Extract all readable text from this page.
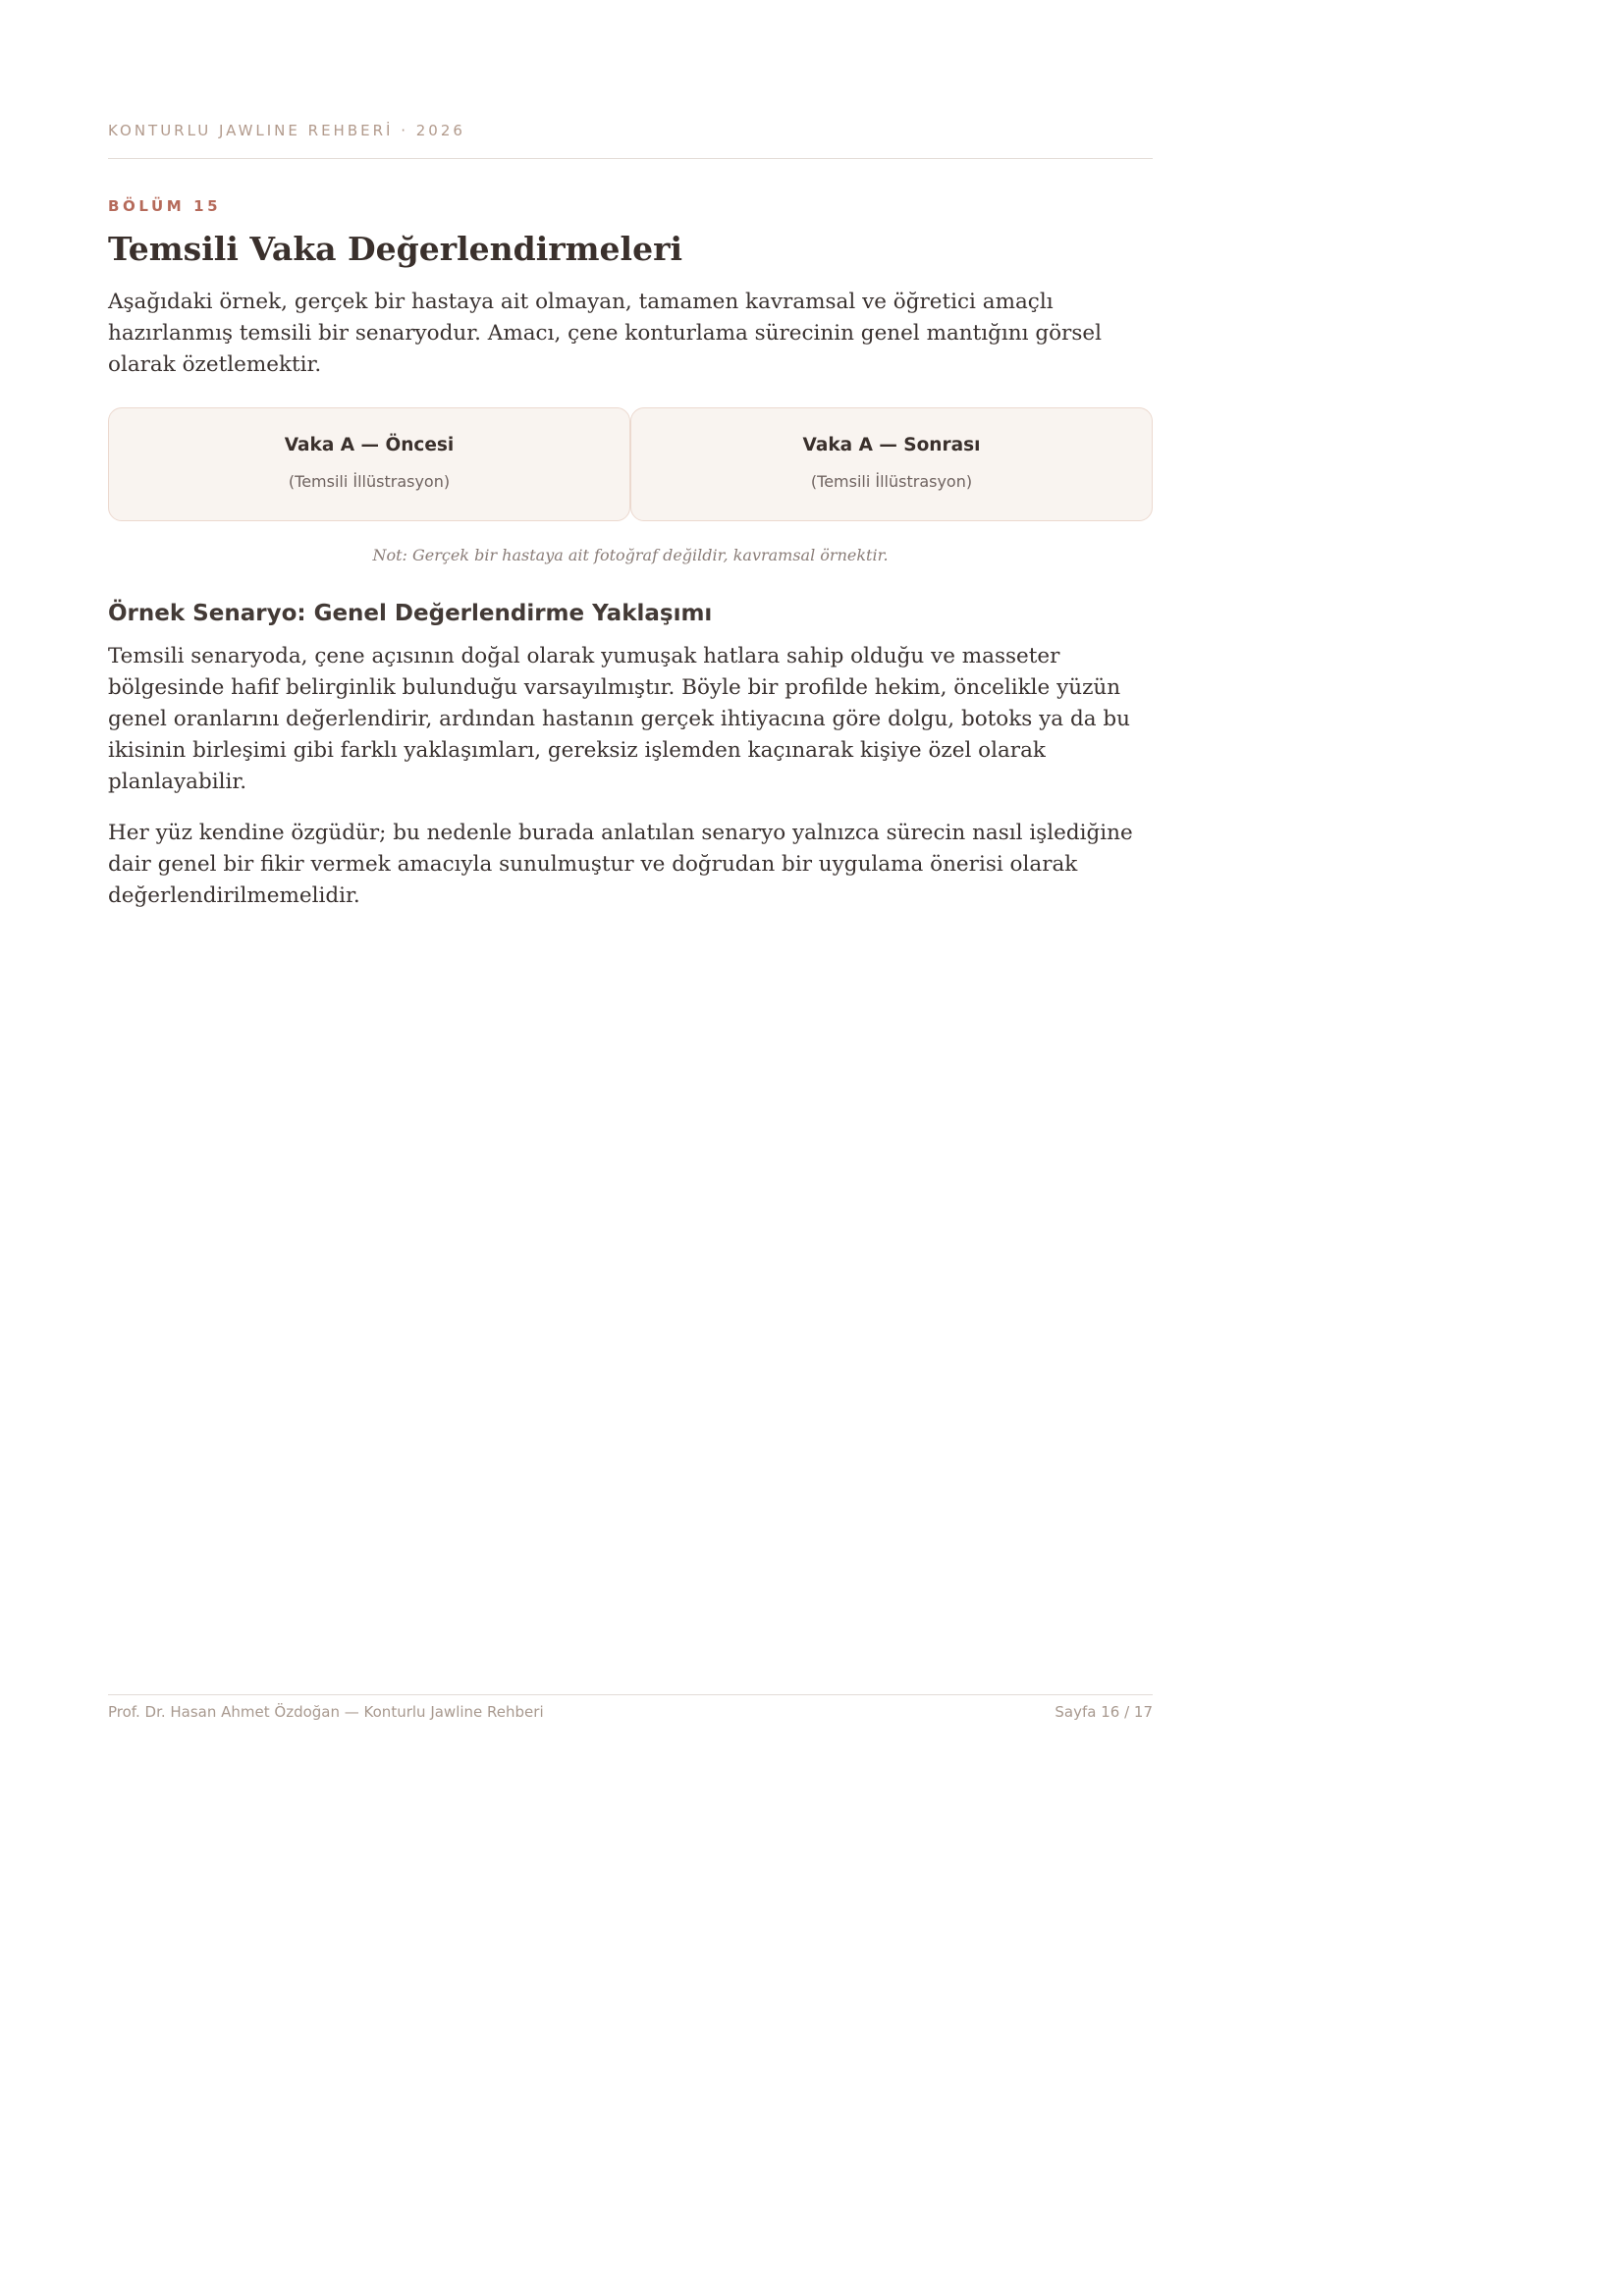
KONTURLU JAWLINE REHBERİ · 2026
BÖLÜM 15
Temsili Vaka Değerlendirmeleri

Aşağıdaki örnek, gerçek bir hastaya ait olmayan, tamamen kavramsal ve öğretici amaçlı hazırlanmış temsili bir senaryodur. Amacı, çene konturlama sürecinin genel mantığını görsel olarak özetlemektir.

Vaka A — Öncesi
(Temsili İllüstrasyon)
Vaka A — Sonrası
(Temsili İllüstrasyon)
Not: Gerçek bir hastaya ait fotoğraf değildir, kavramsal örnektir.
Örnek Senaryo: Genel Değerlendirme Yaklaşımı

Temsili senaryoda, çene açısının doğal olarak yumuşak hatlara sahip olduğu ve masseter bölgesinde hafif belirginlik bulunduğu varsayılmıştır. Böyle bir profilde hekim, öncelikle yüzün genel oranlarını değerlendirir, ardından hastanın gerçek ihtiyacına göre dolgu, botoks ya da bu ikisinin birleşimi gibi farklı yaklaşımları, gereksiz işlemden kaçınarak kişiye özel olarak planlayabilir.

Her yüz kendine özgüdür; bu nedenle burada anlatılan senaryo yalnızca sürecin nasıl işlediğine dair genel bir fikir vermek amacıyla sunulmuştur ve doğrudan bir uygulama önerisi olarak değerlendirilmemelidir.

Prof. Dr. Hasan Ahmet Özdoğan — Konturlu Jawline Rehberi	Sayfa 16 / 17
